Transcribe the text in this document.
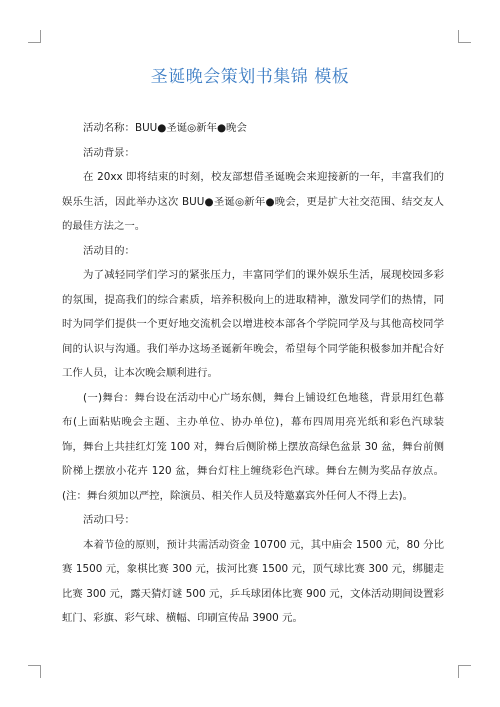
圣诞晚会策划书集锦 模板

活动名称：BUU●圣诞◎新年●晚会

活动背景：

在 20xx 即将结束的时刻，校友部想借圣诞晚会来迎接新的一年，丰富我们的娱乐生活，因此举办这次 BUU●圣诞◎新年●晚会，更是扩大社交范围、结交友人的最佳方法之一。

活动目的：

为了减轻同学们学习的紧张压力，丰富同学们的课外娱乐生活，展现校园多彩的氛围，提高我们的综合素质，培养积极向上的进取精神，激发同学们的热情，同时为同学们提供一个更好地交流机会以增进校本部各个学院同学及与其他高校同学间的认识与沟通。我们举办这场圣诞新年晚会，希望每个同学能积极参加并配合好工作人员，让本次晚会顺利进行。

(一)舞台：舞台设在活动中心广场东侧，舞台上铺设红色地毯，背景用红色幕布(上面粘贴晚会主题、主办单位、协办单位)，幕布四周用亮光纸和彩色汽球装饰，舞台上共挂红灯笼 100 对，舞台后侧阶梯上摆放高绿色盆景 30 盆，舞台前侧阶梯上摆放小花卉 120 盆，舞台灯柱上缠绕彩色汽球。舞台左侧为奖品存放点。(注：舞台须加以严控，除演员、相关作人员及特邀嘉宾外任何人不得上去)。

活动口号：

本着节俭的原则，预计共需活动资金 10700 元，其中庙会 1500 元，80 分比赛 1500 元，象棋比赛 300 元，拔河比赛 1500 元，顶气球比赛 300 元，绑腿走比赛 300 元，露天猜灯谜 500 元，乒乓球团体比赛 900 元，文体活动期间设置彩虹门、彩旗、彩气球、横幅、印刷宣传品 3900 元。
